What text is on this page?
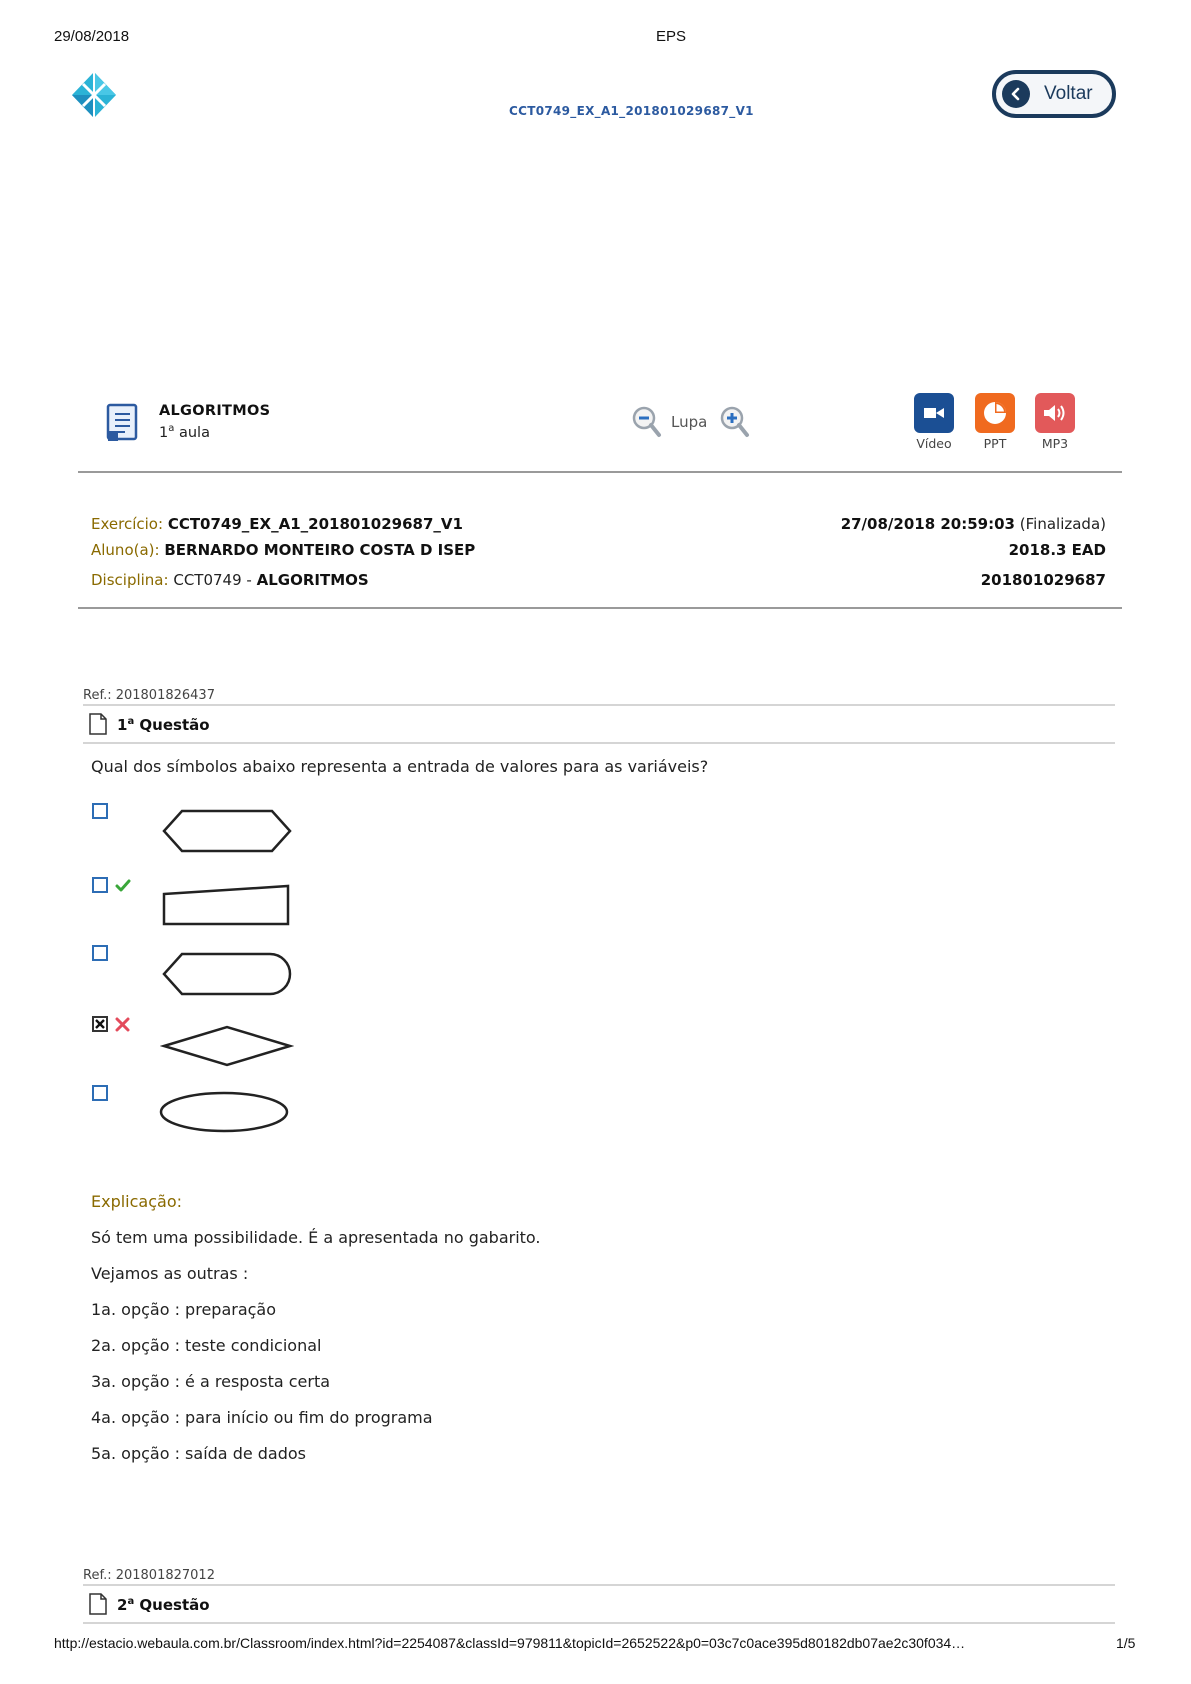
29/08/2018	EPS
CCT0749_EX_A1_201801029687_V1
Voltar
ALGORITMOS
1$^a$ aula
Lupa
Vídeo	PPT	MP3
Exercício: CCT0749_EX_A1_201801029687_V1
Aluno(a): BERNARDO MONTEIRO COSTA D ISEP
Disciplina: CCT0749 - ALGORITMOS
27/08/2018 20:59:03 (Finalizada)
2018.3 EAD
201801029687
Ref.: 201801826437
1$^a$ Questão
Qual dos símbolos abaixo representa a entrada de valores para as variáveis?
Explicação:
Só tem uma possibilidade. É a apresentada no gabarito.
Vejamos as outras :
1a. opção : preparação
2a. opção : teste condicional
3a. opção : é a resposta certa
4a. opção : para início ou fim do programa
5a. opção : saída de dados
Ref.: 201801827012
2$^a$ Questão
http://estacio.webaula.com.br/Classroom/index.html?id=2254087&classId=979811&topicId=2652522&p0=03c7c0ace395d80182db07ae2c30f034…	1/5
